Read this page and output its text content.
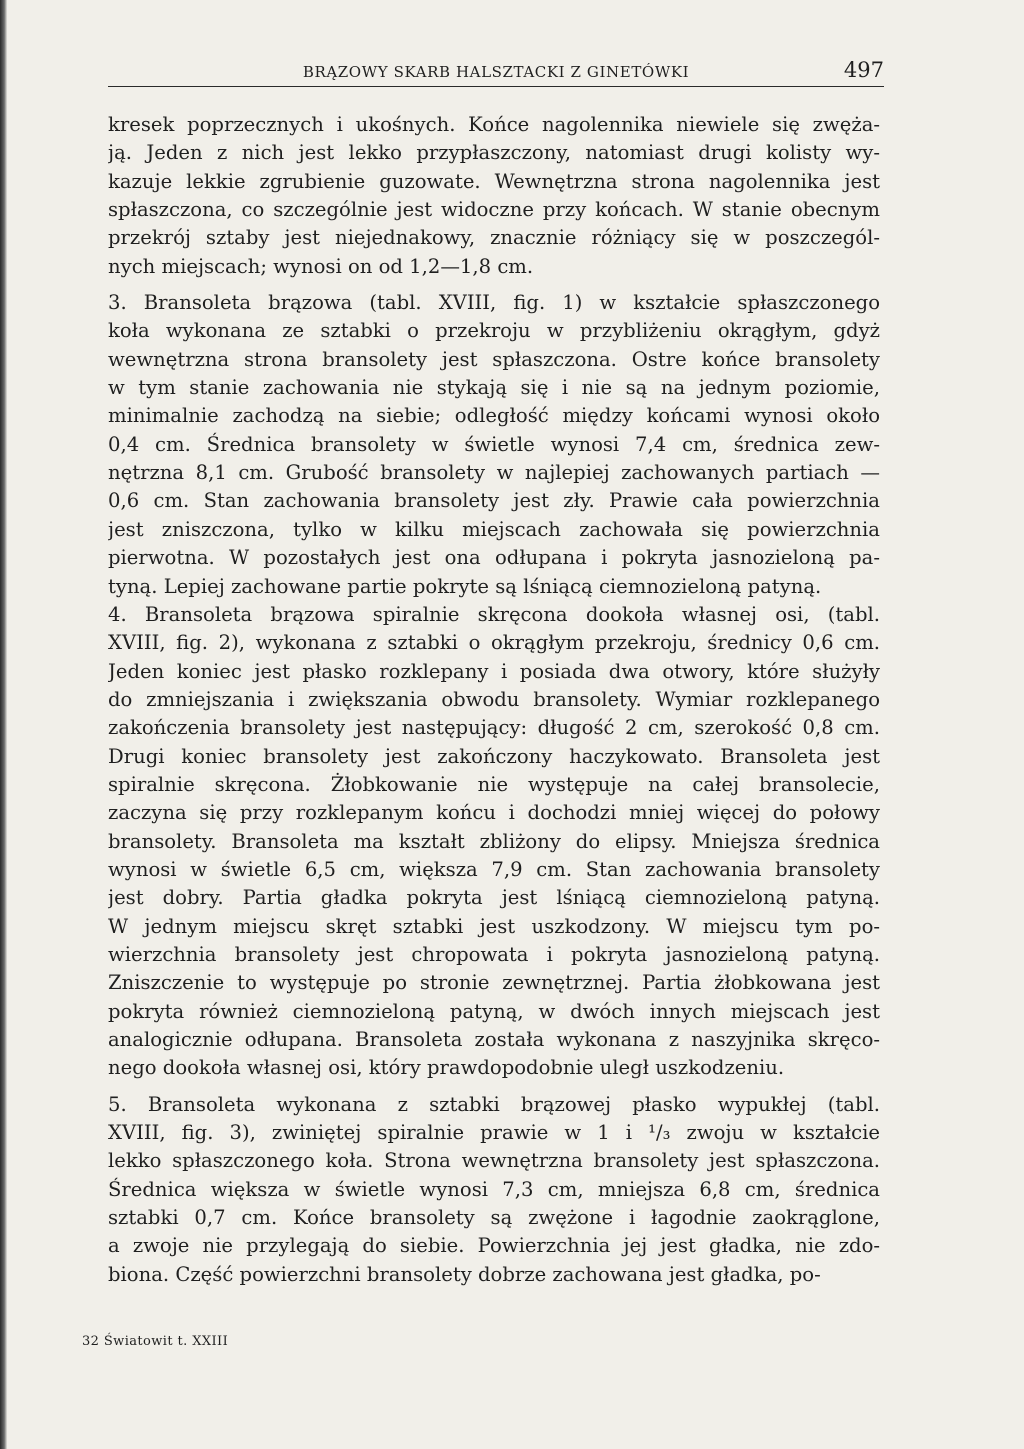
BRĄZOWY SKARB HALSZTACKI Z GINETÓWKI	497
kresek poprzecznych i ukośnych. Końce nagolennika niewiele się zwęża-
ją. Jeden z nich jest lekko przypłaszczony, natomiast drugi kolisty wy-
kazuje lekkie zgrubienie guzowate. Wewnętrzna strona nagolennika jest
spłaszczona, co szczególnie jest widoczne przy końcach. W stanie obecnym
przekrój sztaby jest niejednakowy, znacznie różniący się w poszczegól-
nych miejscach; wynosi on od 1,2—1,8 cm.
3. Bransoleta brązowa (tabl. XVIII, fig. 1) w kształcie spłaszczonego
koła wykonana ze sztabki o przekroju w przybliżeniu okrągłym, gdyż
wewnętrzna strona bransolety jest spłaszczona. Ostre końce bransolety
w tym stanie zachowania nie stykają się i nie są na jednym poziomie,
minimalnie zachodzą na siebie; odległość między końcami wynosi około
0,4 cm. Średnica bransolety w świetle wynosi 7,4 cm, średnica zew-
nętrzna 8,1 cm. Grubość bransolety w najlepiej zachowanych partiach —
0,6 cm. Stan zachowania bransolety jest zły. Prawie cała powierzchnia
jest zniszczona, tylko w kilku miejscach zachowała się powierzchnia
pierwotna. W pozostałych jest ona odłupana i pokryta jasnozieloną pa-
tyną. Lepiej zachowane partie pokryte są lśniącą ciemnozieloną patyną.
4. Bransoleta brązowa spiralnie skręcona dookoła własnej osi, (tabl.
XVIII, fig. 2), wykonana z sztabki o okrągłym przekroju, średnicy 0,6 cm.
Jeden koniec jest płasko rozklepany i posiada dwa otwory, które służyły
do zmniejszania i zwiększania obwodu bransolety. Wymiar rozklepanego
zakończenia bransolety jest następujący: długość 2 cm, szerokość 0,8 cm.
Drugi koniec bransolety jest zakończony haczykowato. Bransoleta jest
spiralnie skręcona. Żłobkowanie nie występuje na całej bransolecie,
zaczyna się przy rozklepanym końcu i dochodzi mniej więcej do połowy
bransolety. Bransoleta ma kształt zbliżony do elipsy. Mniejsza średnica
wynosi w świetle 6,5 cm, większa 7,9 cm. Stan zachowania bransolety
jest dobry. Partia gładka pokryta jest lśniącą ciemnozieloną patyną.
W jednym miejscu skręt sztabki jest uszkodzony. W miejscu tym po-
wierzchnia bransolety jest chropowata i pokryta jasnozieloną patyną.
Zniszczenie to występuje po stronie zewnętrznej. Partia żłobkowana jest
pokryta również ciemnozieloną patyną, w dwóch innych miejscach jest
analogicznie odłupana. Bransoleta została wykonana z naszyjnika skręco-
nego dookoła własnej osi, który prawdopodobnie uległ uszkodzeniu.
5. Bransoleta wykonana z sztabki brązowej płasko wypukłej (tabl.
XVIII, fig. 3), zwiniętej spiralnie prawie w 1 i ¹/₃ zwoju w kształcie
lekko spłaszczonego koła. Strona wewnętrzna bransolety jest spłaszczona.
Średnica większa w świetle wynosi 7,3 cm, mniejsza 6,8 cm, średnica
sztabki 0,7 cm. Końce bransolety są zwężone i łagodnie zaokrąglone,
a zwoje nie przylegają do siebie. Powierzchnia jej jest gładka, nie zdo-
biona. Część powierzchni bransolety dobrze zachowana jest gładka, po-
32 Światowit t. XXIII
